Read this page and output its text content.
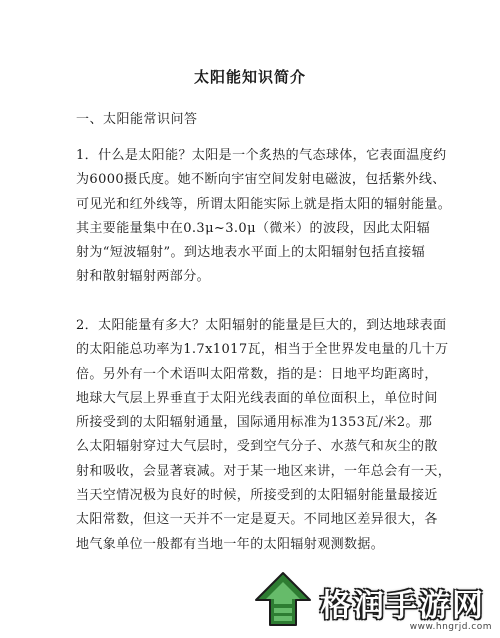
太阳能知识简介
一、太阳能常识问答
1．什么是太阳能？太阳是一个炙热的气态球体，它表面温度约
为6000摄氏度。她不断向宇宙空间发射电磁波，包括紫外线、
可见光和红外线等，所谓太阳能实际上就是指太阳的辐射能量。
其主要能量集中在0.3μ~3.0μ（微米）的波段，因此太阳辐
射为“短波辐射”。到达地表水平面上的太阳辐射包括直接辐
射和散射辐射两部分。
2．太阳能量有多大？太阳辐射的能量是巨大的，到达地球表面
的太阳能总功率为1.7x1017瓦，相当于全世界发电量的几十万
倍。另外有一个术语叫太阳常数，指的是：日地平均距离时，
地球大气层上界垂直于太阳光线表面的单位面积上，单位时间
所接受到的太阳辐射通量，国际通用标准为1353瓦/米2。那
么太阳辐射穿过大气层时，受到空气分子、水蒸气和灰尘的散
射和吸收，会显著衰减。对于某一地区来讲，一年总会有一天，
当天空情况极为良好的时候，所接受到的太阳辐射能量最接近
太阳常数，但这一天并不一定是夏天。不同地区差异很大，各
地气象单位一般都有当地一年的太阳辐射观测数据。
格润手游网
www.hngrjd.com
